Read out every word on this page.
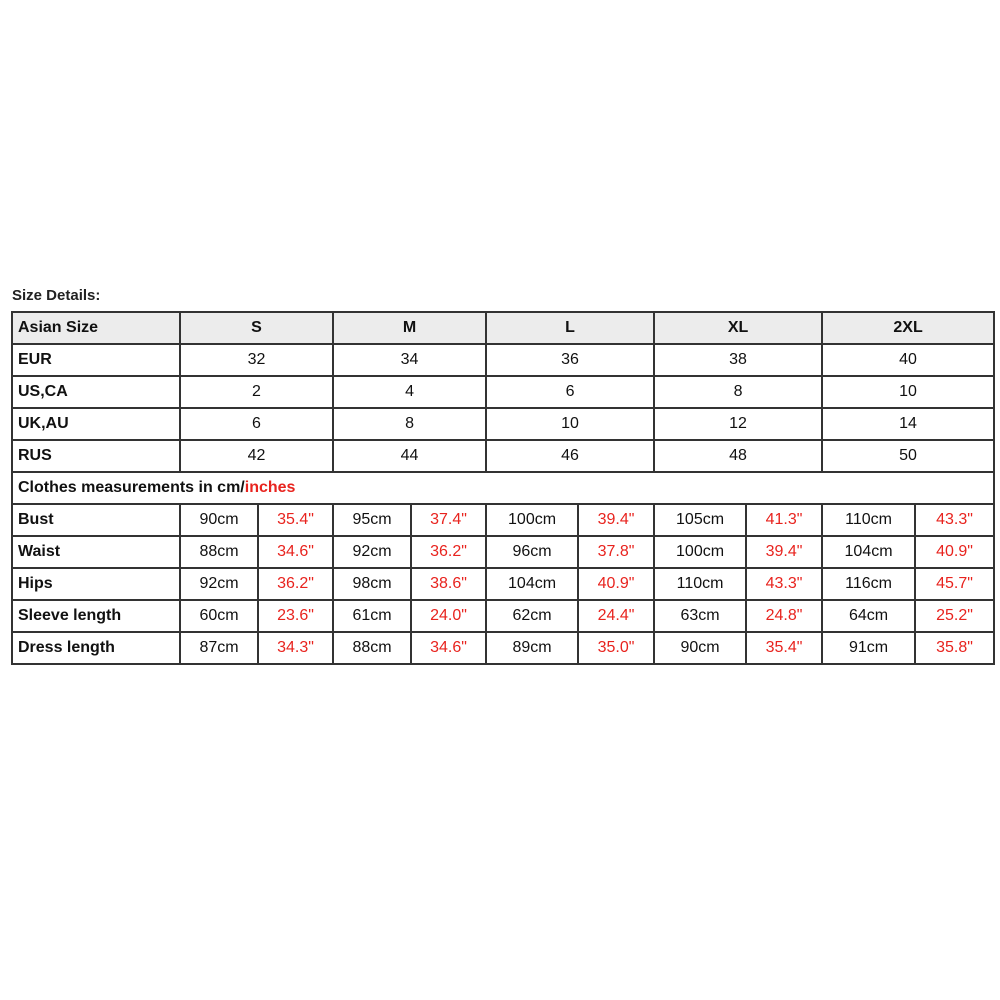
Size Details:
Asian Size	S		M		L		XL		2XL	
EUR	32		34		36		38		40	
US,CA	2		4		6		8		10	
UK,AU	6		8		10		12		14	
RUS	42		44		46		48		50	
Clothes measurements in cm/inches										
Bust	90cm	35.4"	95cm	37.4"	100cm	39.4"	105cm	41.3"	110cm	43.3"
Waist	88cm	34.6"	92cm	36.2"	96cm	37.8"	100cm	39.4"	104cm	40.9"
Hips	92cm	36.2"	98cm	38.6"	104cm	40.9"	110cm	43.3"	116cm	45.7"
Sleeve length	60cm	23.6"	61cm	24.0"	62cm	24.4"	63cm	24.8"	64cm	25.2"
Dress length	87cm	34.3"	88cm	34.6"	89cm	35.0"	90cm	35.4"	91cm	35.8"
